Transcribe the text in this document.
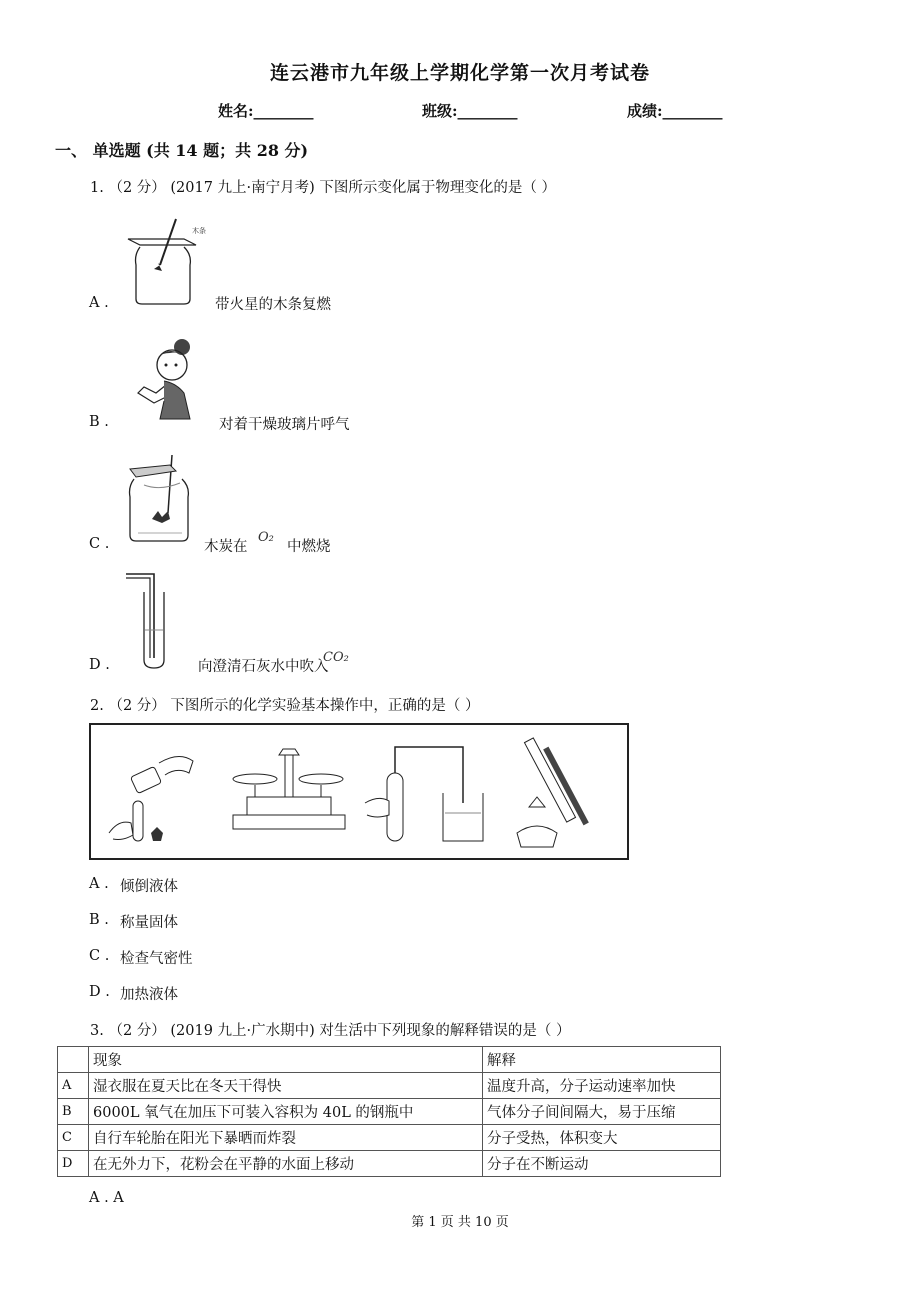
连云港市九年级上学期化学第一次月考试卷
姓名:________	班级:________	成绩:________
一、 单选题 (共 14 题；共 28 分)
1. （2 分） (2017 九上·南宁月考) 下图所示变化属于物理变化的是（ ）
木条
A .	带火星的木条复燃
B .	对着干燥玻璃片呼气
C .	木炭在
O₂
中燃烧
D .	向澄清石灰水中吹入
CO₂
2. （2 分） 下图所示的化学实验基本操作中，正确的是（ ）
A . 倾倒液体
B . 称量固体
C . 检查气密性
D . 加热液体
3. （2 分） (2019 九上·广水期中) 对生活中下列现象的解释错误的是（ ）
	现象	解释
A	湿衣服在夏天比在冬天干得快	温度升高，分子运动速率加快
B	6000L 氧气在加压下可装入容积为 40L 的钢瓶中	气体分子间间隔大，易于压缩
C	自行车轮胎在阳光下暴晒而炸裂	分子受热，体积变大
D	在无外力下，花粉会在平静的水面上移动	分子在不断运动
A . A
第 1 页 共 10 页
